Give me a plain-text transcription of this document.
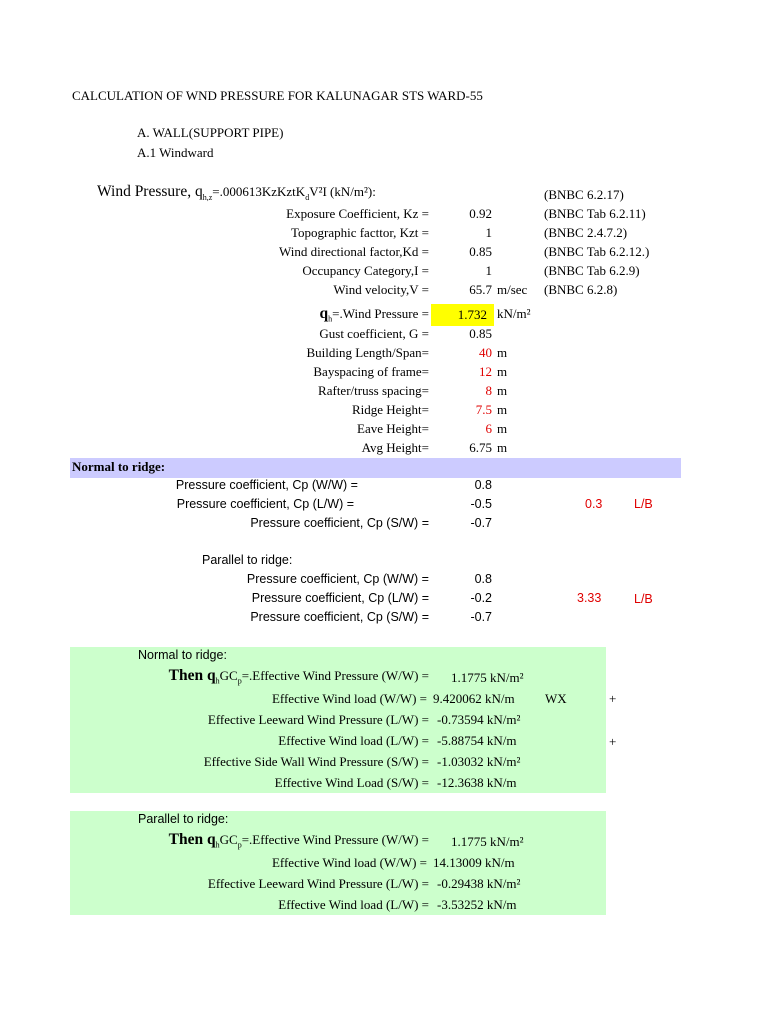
CALCULATION OF WND PRESSURE FOR KALUNAGAR STS WARD-55
A. WALL(SUPPORT PIPE)
A.1 Windward
Wind Pressure, $q_{h,z}=.000613KzKztK_dV^2I$ (kN/m²):	(BNBC 6.2.17)
Exposure Coefficient, Kz =	0.92	(BNBC Tab 6.2.11)
Topographic facttor, Kzt =	1	(BNBC 2.4.7.2)
Wind directional factor,Kd =	0.85	(BNBC Tab 6.2.12.)
Occupancy Category,I =	1	(BNBC Tab 6.2.9)
Wind velocity,V =	65.7 m/sec (BNBC 6.2.8)
$q_h=.Wind$ Pressure = 1.732 kN/m²
Gust coefficient, G =	0.85
Building Length/Span=	40 m
Bayspacing of frame=	12 m
Rafter/truss spacing=	8 m
Ridge Height=	7.5 m
Eave Height=	6 m
Avg Height=	6.75 m
Normal to ridge:
Pressure coefficient, Cp (W/W) =	0.8
Pressure coefficient, Cp (L/W) =	-0.5	0.3	L/B
Pressure coefficient, Cp (S/W) =	-0.7
Parallel to ridge:
Pressure coefficient, Cp (W/W) =	0.8
Pressure coefficient, Cp (L/W) =	-0.2	3.33	L/B
Pressure coefficient, Cp (S/W) =	-0.7
Normal to ridge:
Then $q_hGC_p=.Effective$ Wind Pressure (W/W) = 1.1775 kN/m²
Effective Wind load (W/W) = 9.420062 kN/m WX	+
Effective Leeward Wind Pressure (L/W) = -0.73594 kN/m²
Effective Wind load (L/W) = -5.88754 kN/m	+
Effective Side Wall Wind Pressure (S/W) = -1.03032 kN/m²
Effective Wind Load (S/W) = -12.3638 kN/m
Parallel to ridge:
Then $q_hGC_p=.Effective$ Wind Pressure (W/W) = 1.1775 kN/m²
Effective Wind load (W/W) = 14.13009 kN/m
Effective Leeward Wind Pressure (L/W) = -0.29438 kN/m²
Effective Wind load (L/W) = -3.53252 kN/m
